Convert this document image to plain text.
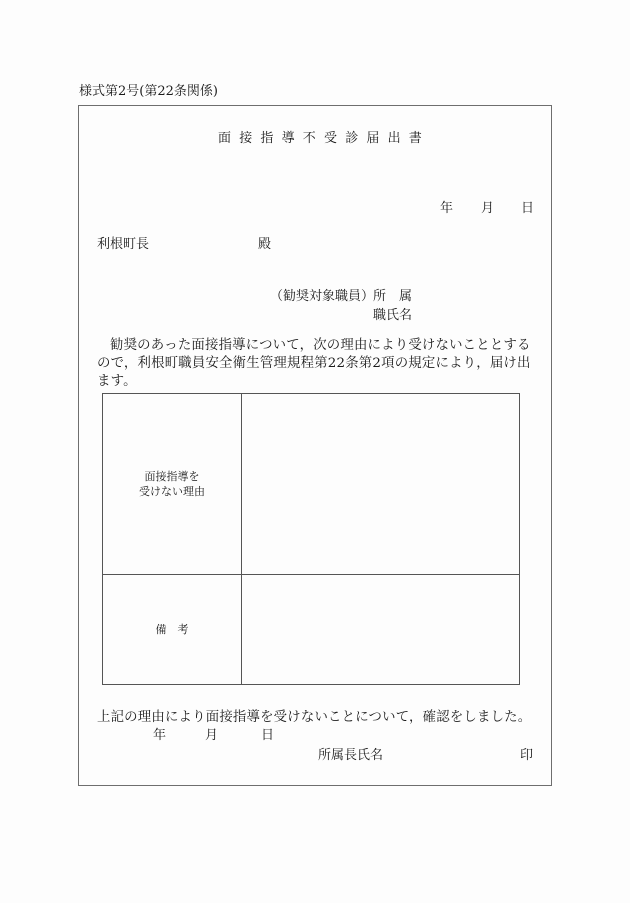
様式第2号(第22条関係)
面接指導不受診届出書
年 月 日
利根町長	殿
（勧奨対象職員）
所　属
職氏名
勧奨のあった面接指導について，次の理由により受けないこととするので，利根町職員安全衛生管理規程第22条第2項の規定により，届け出ます。
面接指導を
受けない理由	

備　考	

上記の理由により面接指導を受けないことについて，確認をしました。
年	月	日
所属長氏名	印
